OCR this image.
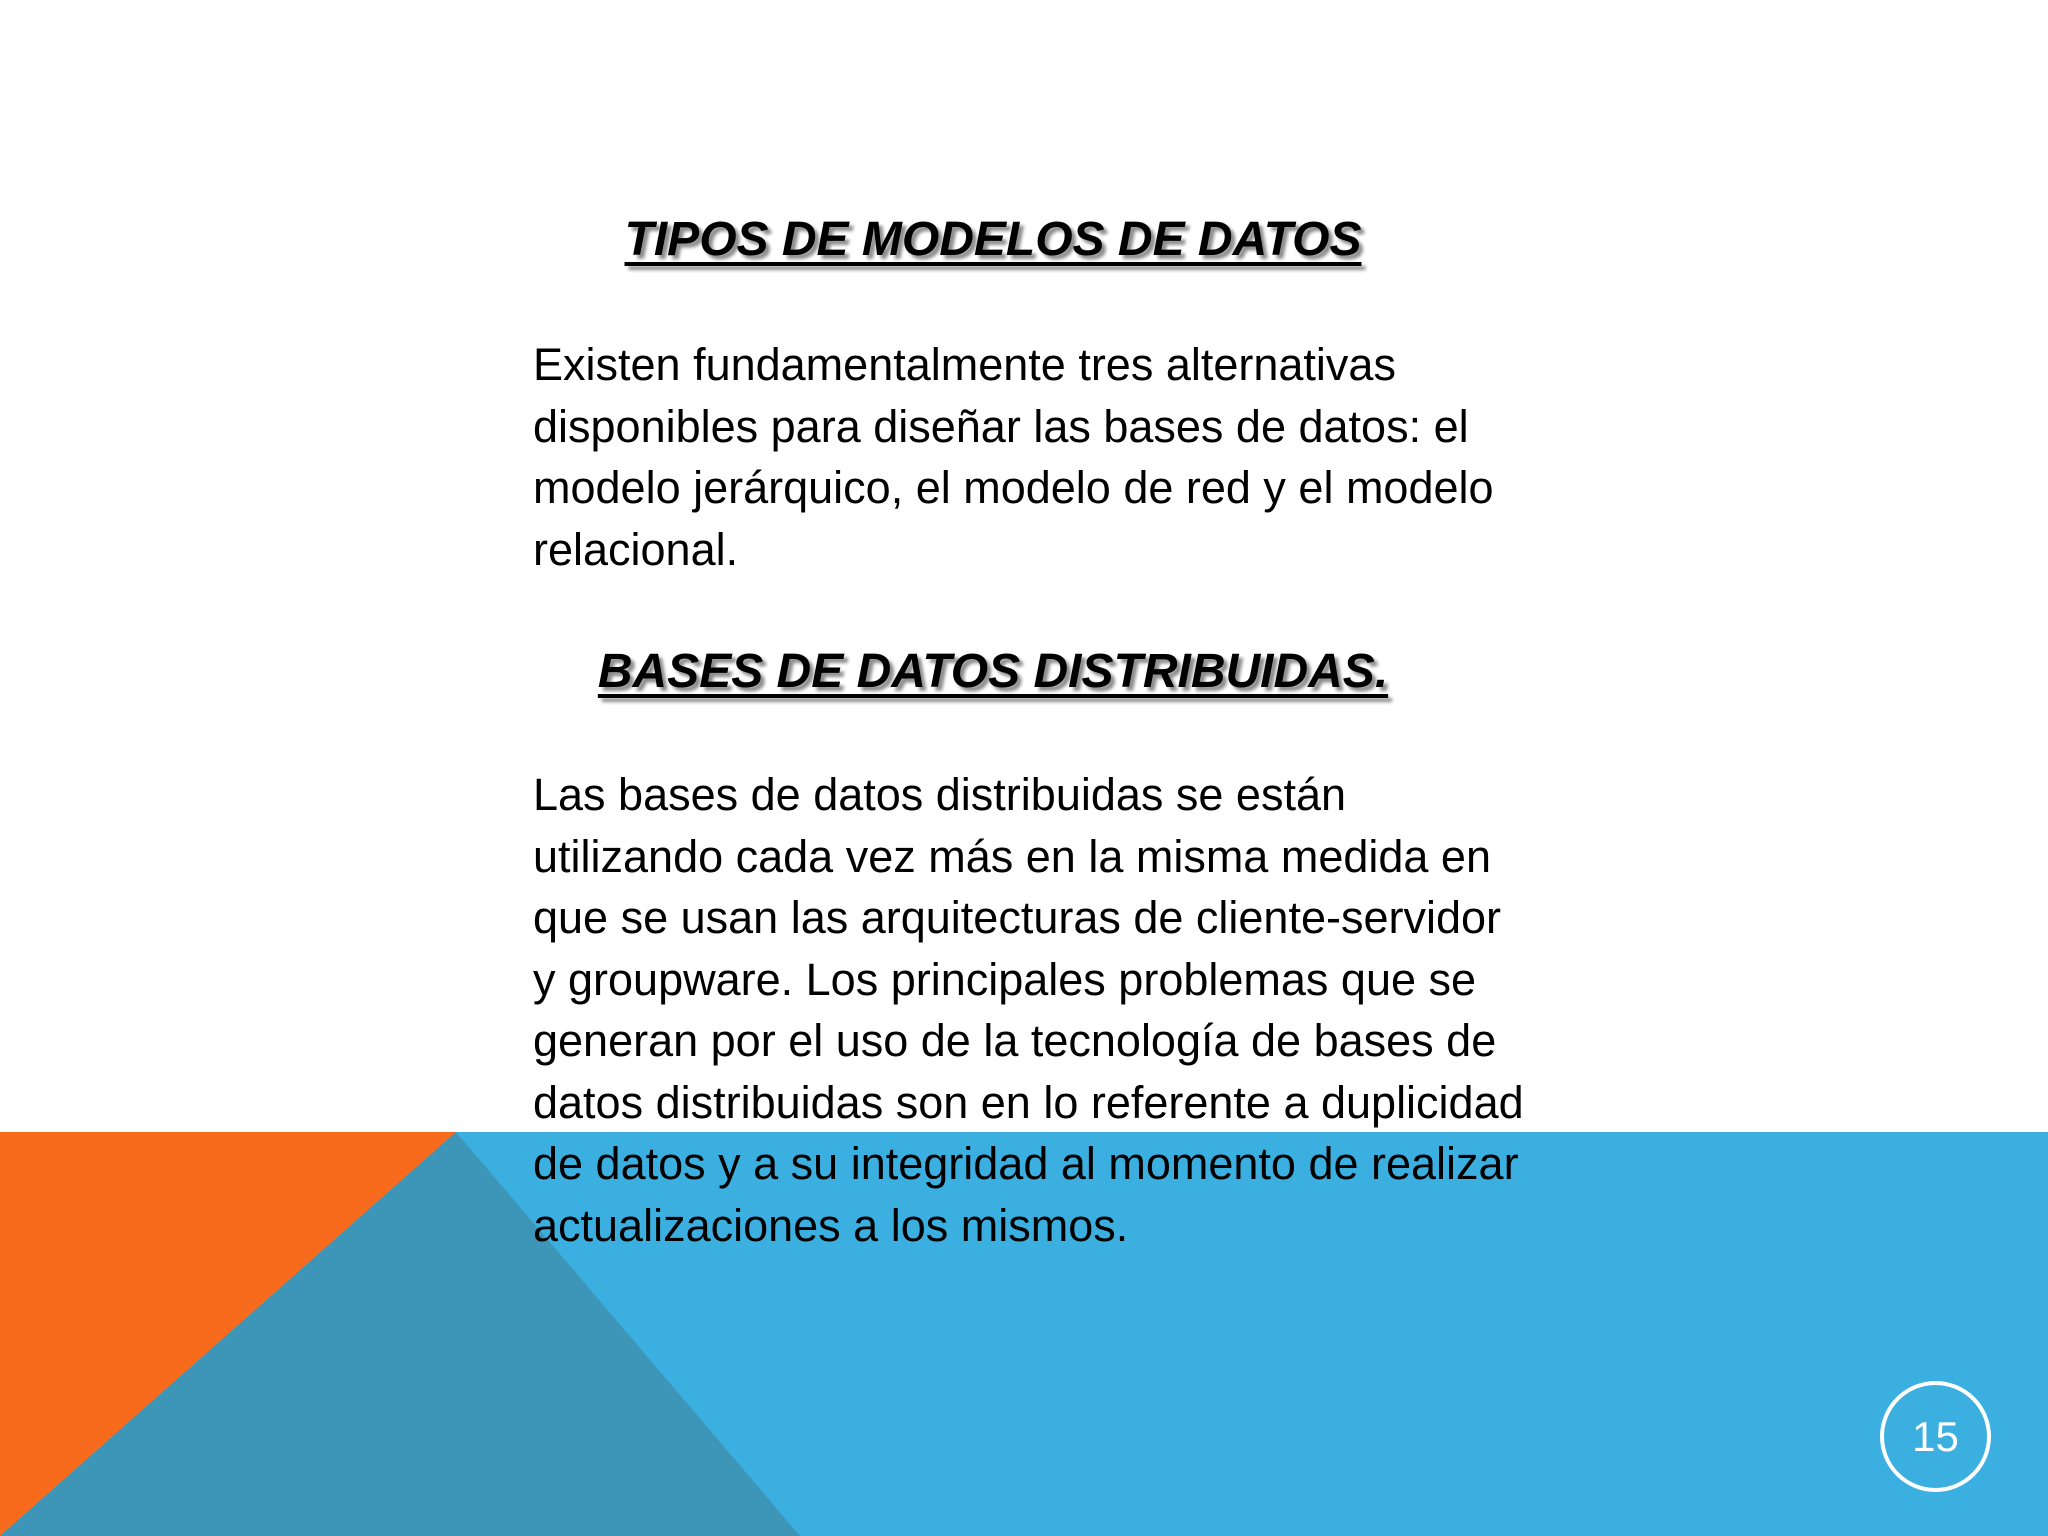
TIPOS DE MODELOS DE DATOS

Existen fundamentalmente tres alternativas disponibles para diseñar las bases de datos: el modelo jerárquico, el modelo de red y el modelo relacional.

BASES DE DATOS DISTRIBUIDAS.

Las bases de datos distribuidas se están utilizando cada vez más en la misma medida en que se usan las arquitecturas de cliente-servidor y groupware. Los principales problemas que se generan por el uso de la tecnología de bases de datos distribuidas son en lo referente a duplicidad de datos y a su integridad al momento de realizar actualizaciones a los mismos.

15
